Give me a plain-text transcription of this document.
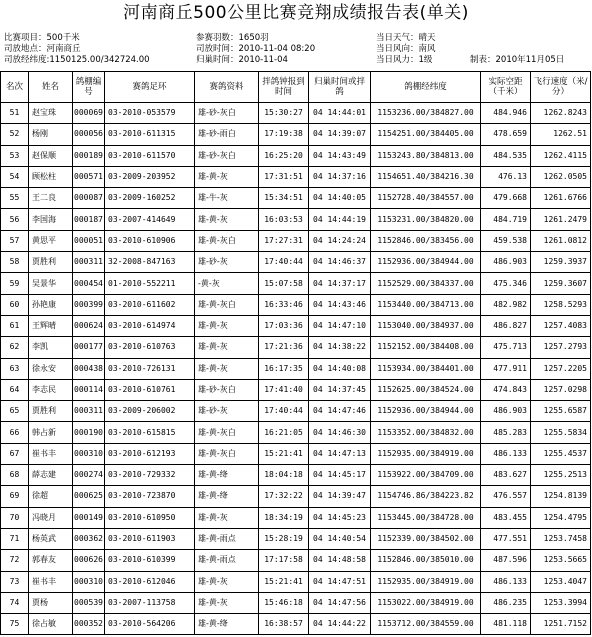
河南商丘500公里比赛竞翔成绩报告表(单关)
比赛项目：500千米
司放地点：河南商丘
司放经纬度:1150125.00/342724.00
参赛羽数：1650羽
司放时间：2010-11-04 08:20
归巢时间：2010-11-04
当日天气：晴天
当日风向：南风
当日风力：1级	制表：2010年11月05日
名次	姓名	鸽棚编号	赛鸽足环	赛鸽资料	拌鸽钟报到时间	归巢时间或拌鸽	鸽棚经纬度	实际空距（千米）	飞行速度（米/分）
51	赵宝珠	000069	03-2010-053579	雄-砂-灰白	15:30:27	04 14:44:01	1153236.00/384827.00	484.946	1262.8243
52	杨刚	000056	03-2010-611315	雄-砂-雨白	17:19:38	04 14:39:07	1154251.00/384405.00	478.659	1262.51
53	赵保顺	000189	03-2010-611570	雄-砂-灰白	16:25:20	04 14:43:49	1153243.80/384813.00	484.535	1262.4115
54	顾松柱	000571	03-2009-203952	雄-黄-灰	17:31:51	04 14:37:16	1154651.40/384216.30	476.13	1262.0505
55	王二良	000087	03-2009-160252	雄-牛-灰	15:34:51	04 14:40:05	1152728.40/384557.00	479.668	1261.6766
56	李国海	000187	03-2007-414649	雄-黄-灰	16:03:53	04 14:44:19	1153231.00/384820.00	484.719	1261.2479
57	黄思平	000051	03-2010-610906	雄-黄-灰白	17:27:31	04 14:24:24	1152846.00/383456.00	459.538	1261.0812
58	贾胜利	000311	32-2008-847163	雄-砂-灰	17:40:44	04 14:46:37	1152936.00/384944.00	486.903	1259.3937
59	吴景华	000454	01-2010-552211	-黄-灰	15:07:58	04 14:37:17	1152529.00/384337.00	475.346	1259.3607
60	孙艳康	000399	03-2010-611602	雄-黄-灰白	16:33:46	04 14:43:46	1153440.00/384713.00	482.982	1258.5293
61	王辉晴	000624	03-2010-614974	雄-黄-灰	17:03:36	04 14:47:10	1153040.00/384937.00	486.827	1257.4083
62	李凯	000177	03-2010-610763	雄-黄-灰	17:21:36	04 14:38:22	1152152.00/384408.00	475.713	1257.2793
63	徐永安	000438	03-2010-726131	雄-黄-灰	16:17:35	04 14:40:08	1153934.00/384401.00	477.911	1257.2205
64	李志民	000114	03-2010-610761	雄-砂-灰白	17:41:40	04 14:37:45	1152625.00/384524.00	474.843	1257.0298
65	贾胜利	000311	03-2009-206002	雄-砂-灰	17:40:44	04 14:47:46	1152936.00/384944.00	486.903	1255.6587
66	韩占新	000190	03-2010-615815	雄-黄-灰白	16:21:05	04 14:46:30	1153352.00/384832.00	485.283	1255.5834
67	崔书丰	000310	03-2010-612193	雄-黄-灰白	15:21:41	04 14:47:13	1152935.00/384919.00	486.133	1255.4537
68	薛志建	000274	03-2010-729332	雄-黄-绛	18:04:18	04 14:45:17	1153922.00/384709.00	483.627	1255.2513
69	徐超	000625	03-2010-723870	雄-黄-绛	17:32:22	04 14:39:47	1154746.86/384223.82	476.557	1254.8139
70	冯晓月	000149	03-2010-610950	雄-黄-灰	18:34:19	04 14:45:23	1153445.00/384728.00	483.455	1254.4795
71	杨英武	000362	03-2010-611903	雄-黄-雨点	15:28:19	04 14:40:54	1152339.00/384502.00	477.551	1253.7458
72	郭春友	000626	03-2010-610399	雄-黄-雨点	17:17:58	04 14:48:58	1152846.00/385010.00	487.596	1253.5665
73	崔书丰	000310	03-2010-612046	雄-黄-灰	15:21:41	04 14:47:51	1152935.00/384919.00	486.133	1253.4047
74	贾杨	000539	03-2007-113758	雄-黄-灰	15:46:18	04 14:47:56	1153022.00/384919.00	486.235	1253.3994
75	徐占敏	000352	03-2010-564206	雄-黄-绛	16:38:57	04 14:44:22	1153712.00/384559.00	481.118	1251.7152
